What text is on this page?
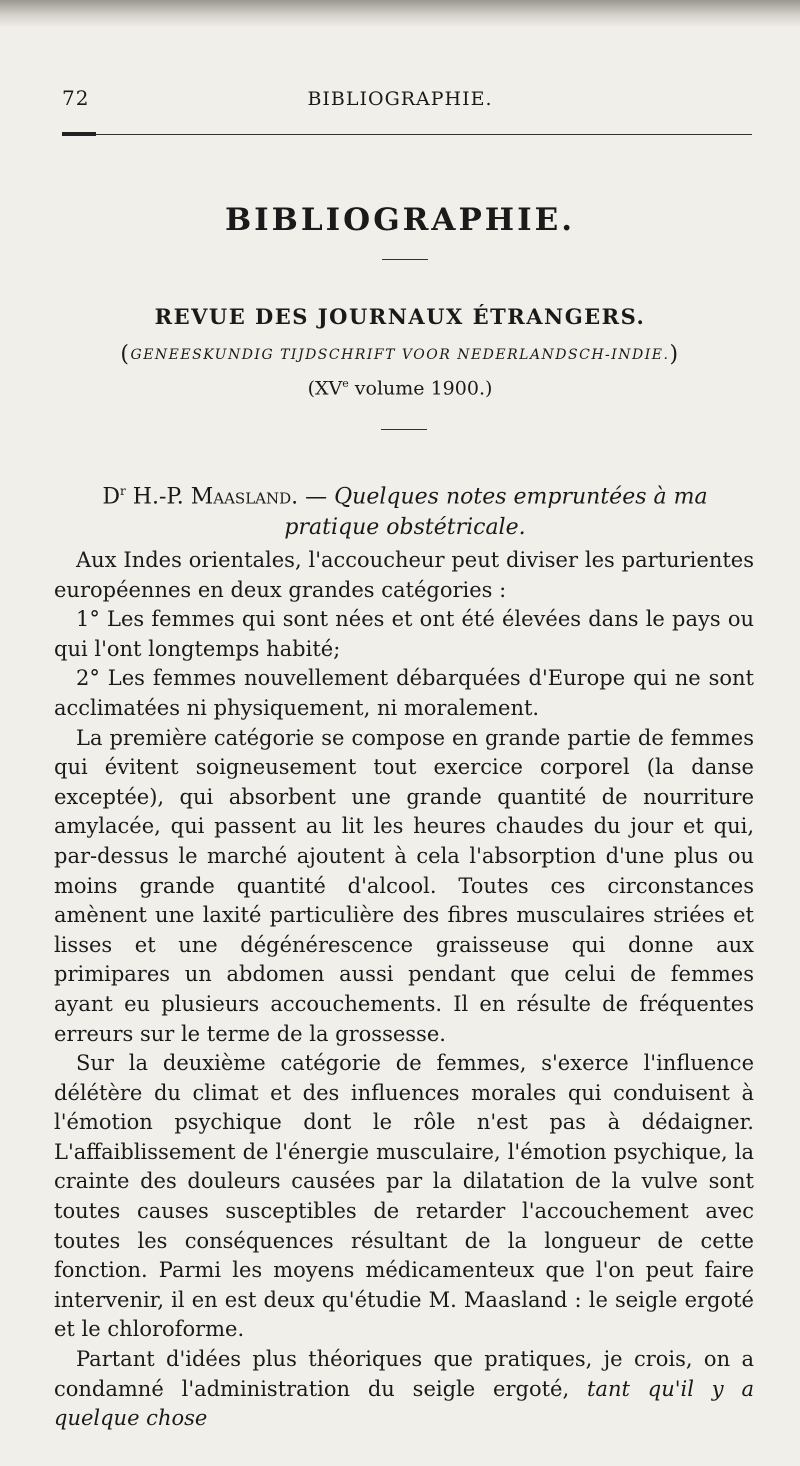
72	BIBLIOGRAPHIE.
BIBLIOGRAPHIE.
REVUE DES JOURNAUX ÉTRANGERS.
(GENEESKUNDIG TIJDSCHRIFT VOOR NEDERLANDSCH-INDIE.)
(XVe volume 1900.)
$D^r$ H.-P. Maasland. — Quelques notes empruntées à ma pratique obstétricale.

Aux Indes orientales, l'accoucheur peut diviser les parturientes européennes en deux grandes catégories :

1° Les femmes qui sont nées et ont été élevées dans le pays ou qui l'ont longtemps habité;

2° Les femmes nouvellement débarquées d'Europe qui ne sont acclimatées ni physiquement, ni moralement.

La première catégorie se compose en grande partie de femmes qui évitent soigneusement tout exercice corporel (la danse exceptée), qui absorbent une grande quantité de nourriture amylacée, qui passent au lit les heures chaudes du jour et qui, par-dessus le marché ajoutent à cela l'absorption d'une plus ou moins grande quantité d'alcool. Toutes ces circonstances amènent une laxité particulière des fibres musculaires striées et lisses et une dégénérescence graisseuse qui donne aux primipares un abdomen aussi pendant que celui de femmes ayant eu plusieurs accouchements. Il en résulte de fréquentes erreurs sur le terme de la grossesse.

Sur la deuxième catégorie de femmes, s'exerce l'influence délétère du climat et des influences morales qui conduisent à l'émotion psychique dont le rôle n'est pas à dédaigner. L'affaiblissement de l'énergie musculaire, l'émotion psychique, la crainte des douleurs causées par la dilatation de la vulve sont toutes causes susceptibles de retarder l'accouchement avec toutes les conséquences résultant de la longueur de cette fonction. Parmi les moyens médicamenteux que l'on peut faire intervenir, il en est deux qu'étudie M. Maasland : le seigle ergoté et le chloroforme.

Partant d'idées plus théoriques que pratiques, je crois, on a condamné l'administration du seigle ergoté, tant qu'il y a quelque chose
